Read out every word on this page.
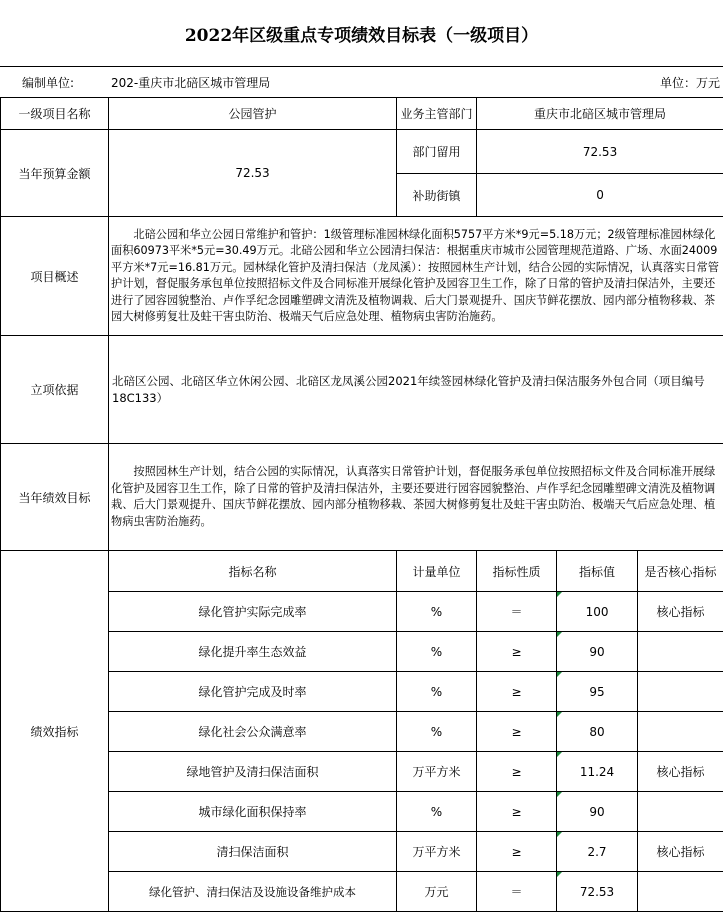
2022年区级重点专项绩效目标表（一级项目）
编制单位:	202-重庆市北碚区城市管理局	单位：万元
一级项目名称	公园管护	业务主管部门	重庆市北碚区城市管理局		
当年预算金额	72.53	部门留用	72.53		
		补助街镇	0		
项目概述	北碚公园和华立公园日常维护和管护：1级管理标准园林绿化面积5757平方米*9元=5.18万元；2级管理标准园林绿化面积60973平米*5元=30.49万元。北碚公园和华立公园清扫保洁：根据重庆市城市公园管理规范道路、广场、水面24009平方米*7元=16.81万元。园林绿化管护及清扫保洁（龙凤溪）：按照园林生产计划，结合公园的实际情况，认真落实日常管护计划，督促服务承包单位按照招标文件及合同标准开展绿化管护及园容卫生工作，除了日常的管护及清扫保洁外，主要还进行了园容园貌整治、卢作孚纪念园雕塑碑文清洗及植物调栽、后大门景观提升、国庆节鲜花摆放、园内部分植物移栽、茶园大树修剪复壮及蛀干害虫防治、极端天气后应急处理、植物病虫害防治施药。				
立项依据	北碚区公园、北碚区华立休闲公园、北碚区龙凤溪公园2021年续签园林绿化管护及清扫保洁服务外包合同（项目编号18C133）				
当年绩效目标	按照园林生产计划，结合公园的实际情况，认真落实日常管护计划，督促服务承包单位按照招标文件及合同标准开展绿化管护及园容卫生工作，除了日常的管护及清扫保洁外，主要还要进行园容园貌整治、卢作孚纪念园雕塑碑文清洗及植物调栽、后大门景观提升、国庆节鲜花摆放、园内部分植物移栽、茶园大树修剪复壮及蛀干害虫防治、极端天气后应急处理、植物病虫害防治施药。				
绩效指标	指标名称	计量单位	指标性质	指标值	是否核心指标
	绿化管护实际完成率	%	＝	100	核心指标
	绿化提升率生态效益	%	≥	90	
	绿化管护完成及时率	%	≥	95	
	绿化社会公众满意率	%	≥	80	
	绿地管护及清扫保洁面积	万平方米	≥	11.24	核心指标
	城市绿化面积保持率	%	≥	90	
	清扫保洁面积	万平方米	≥	2.7	核心指标
	绿化管护、清扫保洁及设施设备维护成本	万元	＝	72.53	
